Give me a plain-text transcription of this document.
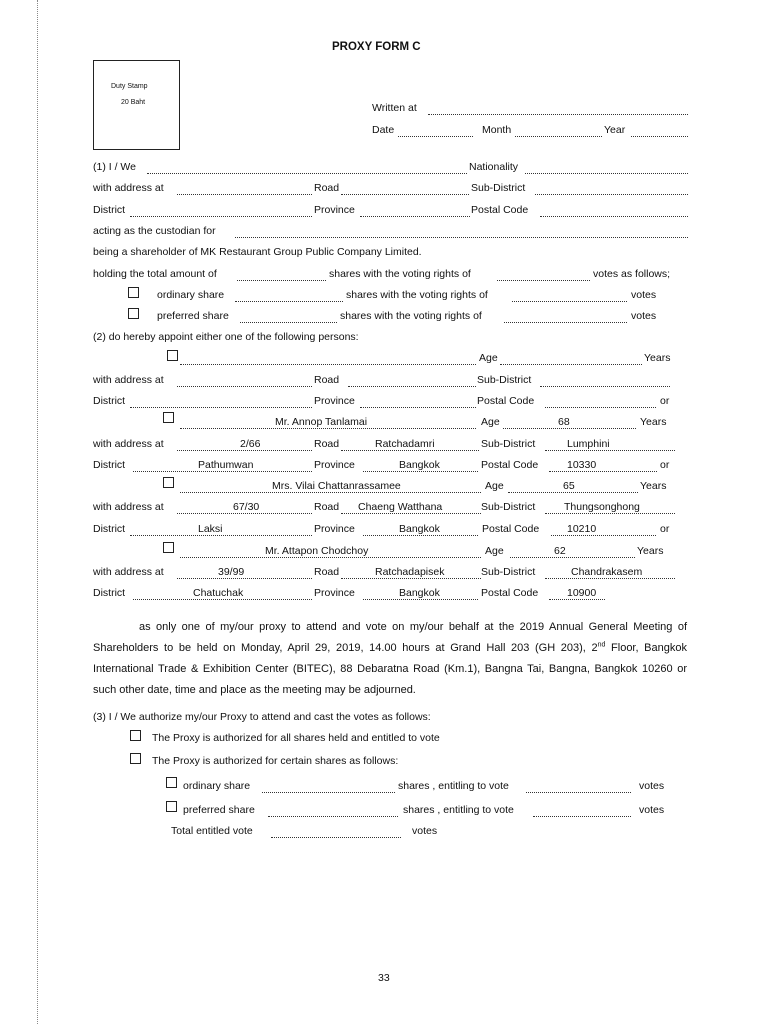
PROXY FORM C
Duty Stamp
20 Baht	Written at
Date	Month	Year
(1) I / We	Nationality
with address at	Road	Sub-District
District	Province	Postal Code
acting as the custodian for
being a shareholder of MK Restaurant Group Public Company Limited.
holding the total amount of	shares with the voting rights of	votes as follows;
ordinary share	shares with the voting rights of	votes
preferred share	shares with the voting rights of	votes
(2) do hereby appoint either one of the following persons:
Age	Years
with address at	Road	Sub-District
District	Province	Postal Code	or
Mr. Annop Tanlamai	Age	68	Years
with address at	2/66	Road	Ratchadamri	Sub-District	Lumphini
District	Pathumwan	Province	Bangkok	Postal Code	10330	or
Mrs. Vilai Chattanrassamee	Age	65	Years
with address at	67/30	Road Chaeng Watthana	Sub-District	Thungsonghong
District	Laksi	Province	Bangkok	Postal Code	10210	or
Mr. Attapon Chodchoy	Age	62	Years
with address at	39/99	Road	Ratchadapisek	Sub-District	Chandrakasem
District	Chatuchak	Province	Bangkok	Postal Code	10900
as only one of my/our proxy to attend and vote on my/our behalf at the 2019 Annual General Meeting of Shareholders to be held on Monday, April 29, 2019, 14.00 hours at Grand Hall 203 (GH 203), 2nd Floor, Bangkok International Trade & Exhibition Center (BITEC), 88 Debaratna Road (Km.1), Bangna Tai, Bangna, Bangkok 10260 or such other date, time and place as the meeting may be adjourned.
(3) I / We authorize my/our Proxy to attend and cast the votes as follows:
The Proxy is authorized for all shares held and entitled to vote
The Proxy is authorized for certain shares as follows:
ordinary share	shares , entitling to vote	votes
preferred share	shares , entitling to vote	votes
Total entitled vote	votes
33
